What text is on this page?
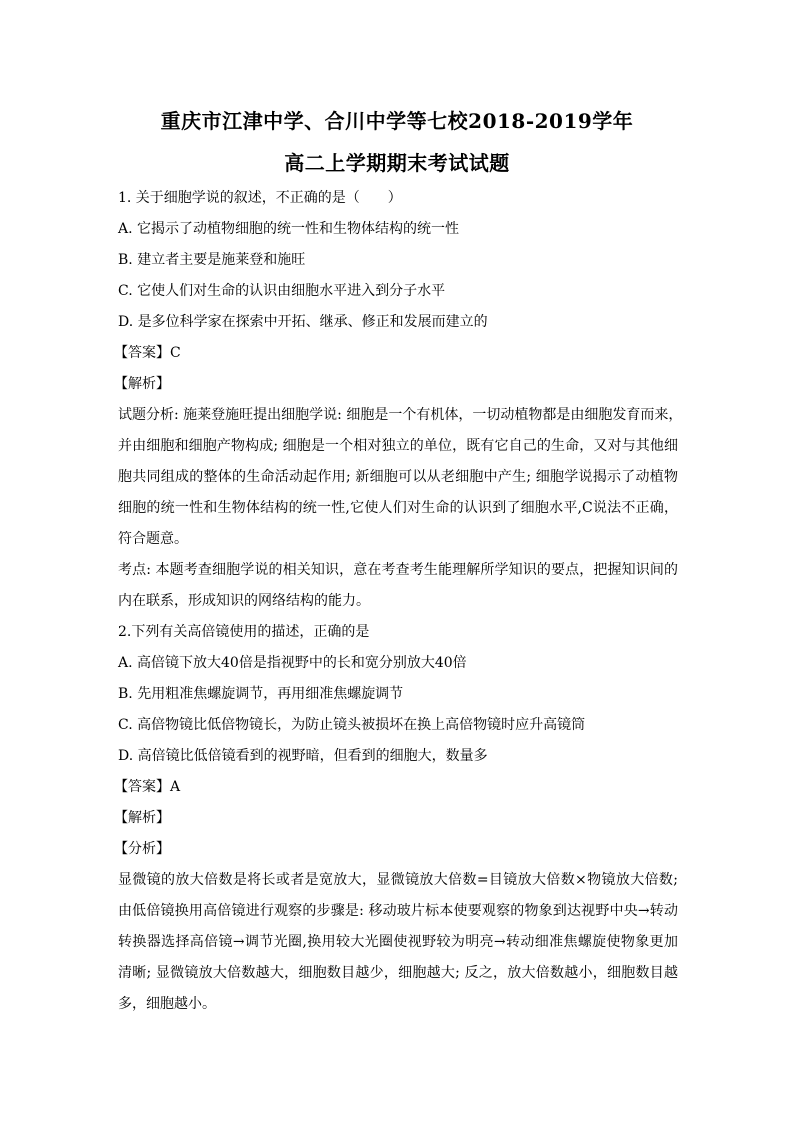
重庆市江津中学、合川中学等七校2018-2019学年
高二上学期期末考试试题
1. 关于细胞学说的叙述，不正确的是（　　）
A. 它揭示了动植物细胞的统一性和生物体结构的统一性
B. 建立者主要是施莱登和施旺
C. 它使人们对生命的认识由细胞水平进入到分子水平
D. 是多位科学家在探索中开拓、继承、修正和发展而建立的
【答案】C
【解析】
试题分析: 施莱登施旺提出细胞学说: 细胞是一个有机体，一切动植物都是由细胞发育而来，
并由细胞和细胞产物构成; 细胞是一个相对独立的单位，既有它自己的生命，又对与其他细
胞共同组成的整体的生命活动起作用; 新细胞可以从老细胞中产生; 细胞学说揭示了动植物
细胞的统一性和生物体结构的统一性,它使人们对生命的认识到了细胞水平,C说法不正确，
符合题意。
考点: 本题考查细胞学说的相关知识，意在考查考生能理解所学知识的要点，把握知识间的
内在联系，形成知识的网络结构的能力。
2.下列有关高倍镜使用的描述，正确的是
A. 高倍镜下放大40倍是指视野中的长和宽分别放大40倍
B. 先用粗准焦螺旋调节，再用细准焦螺旋调节
C. 高倍物镜比低倍物镜长，为防止镜头被损坏在换上高倍物镜时应升高镜筒
D. 高倍镜比低倍镜看到的视野暗，但看到的细胞大，数量多
【答案】A
【解析】
【分析】
显微镜的放大倍数是将长或者是宽放大，显微镜放大倍数=目镜放大倍数×物镜放大倍数;
由低倍镜换用高倍镜进行观察的步骤是: 移动玻片标本使要观察的物象到达视野中央→转动
转换器选择高倍镜→调节光圈,换用较大光圈使视野较为明亮→转动细准焦螺旋使物象更加
清晰; 显微镜放大倍数越大，细胞数目越少，细胞越大; 反之，放大倍数越小，细胞数目越
多，细胞越小。
